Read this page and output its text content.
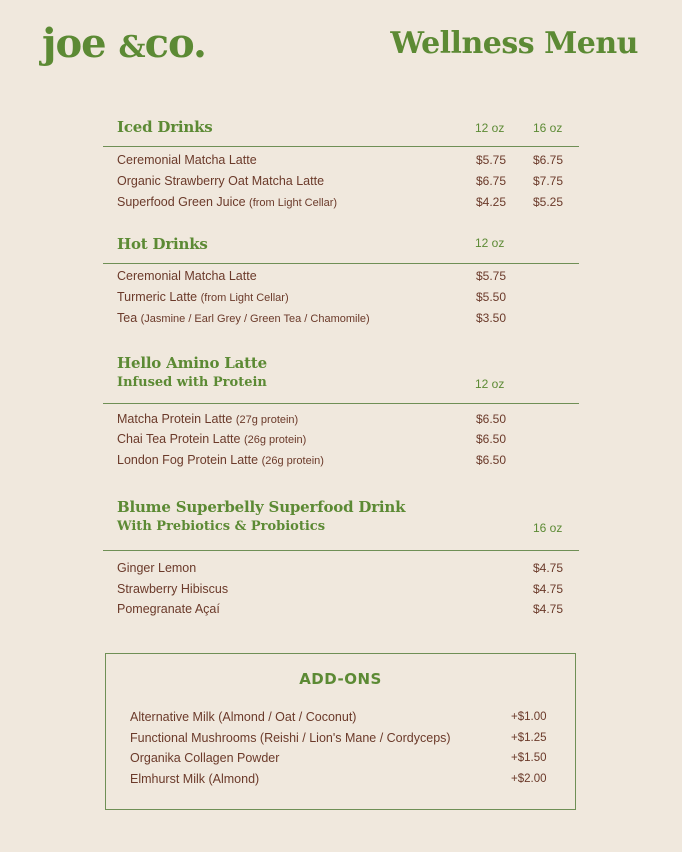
joe &co.	Wellness Menu
Iced Drinks	12 oz 16 oz
Ceremonial Matcha Latte	$5.75 $6.75
Organic Strawberry Oat Matcha Latte	$6.75 $7.75
Superfood Green Juice (from Light Cellar)	$4.25 $5.25
Hot Drinks	12 oz
Ceremonial Matcha Latte	$5.75
Turmeric Latte (from Light Cellar)	$5.50
Tea (Jasmine / Earl Grey / Green Tea / Chamomile)	$3.50
Hello Amino Latte
Infused with Protein	12 oz
Matcha Protein Latte (27g protein)	$6.50
Chai Tea Protein Latte (26g protein)	$6.50
London Fog Protein Latte (26g protein)	$6.50
Blume Superbelly Superfood Drink
With Prebiotics & Probiotics	16 oz
Ginger Lemon	$4.75
Strawberry Hibiscus	$4.75
Pomegranate Açaí	$4.75
ADD-ONS
Alternative Milk (Almond / Oat / Coconut)	+$1.00
Functional Mushrooms (Reishi / Lion's Mane / Cordyceps)	+$1.25
Organika Collagen Powder	+$1.50
Elmhurst Milk (Almond)	+$2.00
